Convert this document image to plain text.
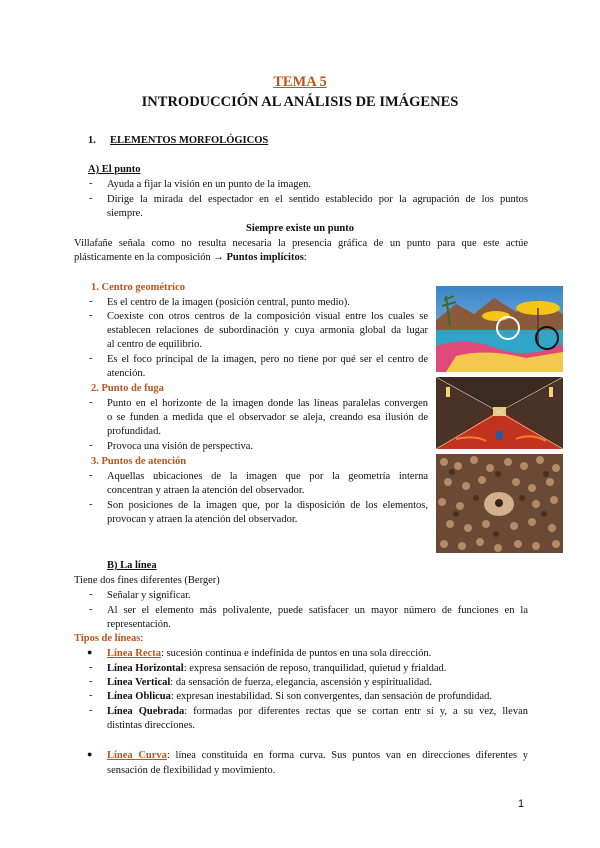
TEMA 5
INTRODUCCIÓN AL ANÁLISIS DE IMÁGENES
1. ELEMENTOS MORFOLÓGICOS
A) El punto
- Ayuda a fijar la visión en un punto de la imagen.
- Dirige la mirada del espectador en el sentido establecido por la agrupación de los puntos
siempre.
Siempre existe un punto
Villafañe señala como no resulta necesaria la presencia gráfica de un punto para que este actúe
plásticamente en la composición → Puntos implícitos:
1. Centro geométrico
- Es el centro de la imagen (posición central, punto medio).
- Coexiste con otros centros de la composición visual entre los cuales se
establecen relaciones de subordinación y cuya armonía global da lugar
al centro de equilibrio.
- Es el foco principal de la imagen, pero no tiene por qué ser el centro de
atención.
2. Punto de fuga
- Punto en el horizonte de la imagen donde las líneas paralelas convergen
o se funden a medida que el observador se aleja, creando esa ilusión de
profundidad.
- Provoca una visión de perspectiva.
3. Puntos de atención
- Aquellas ubicaciones de la imagen que por la geometría interna
concentran y atraen la atención del observador.
- Son posiciones de la imagen que, por la disposición de los elementos,
provocan y atraen la atención del observador.
B) La línea
Tiene dos fines diferentes (Berger)
- Señalar y significar.
- Al ser el elemento más polivalente, puede satisfacer un mayor número de funciones en la
representación.
Tipos de líneas:
● Línea Recta: sucesión continua e indefinida de puntos en una sola dirección.
- Línea Horizontal: expresa sensación de reposo, tranquilidad, quietud y frialdad.
- Línea Vertical: da sensación de fuerza, elegancia, ascensión y espiritualidad.
- Línea Oblicua: expresan inestabilidad. Si son convergentes, dan sensación de profundidad.
- Línea Quebrada: formadas por diferentes rectas que se cortan entr sí y, a su vez, llevan
distintas direcciones.
● Línea Curva: línea constituida en forma curva. Sus puntos van en direcciones diferentes y
sensación de flexibilidad y movimiento.
1
